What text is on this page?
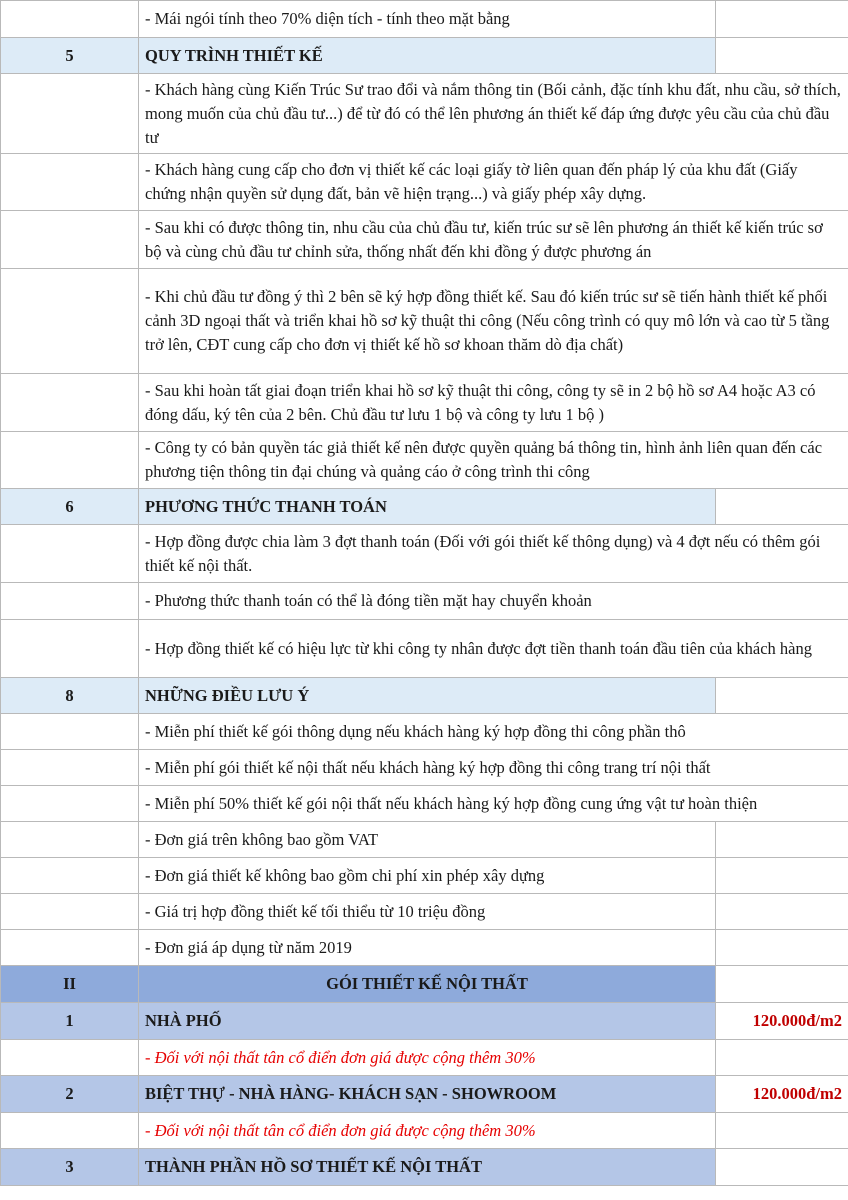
	- Mái ngói tính theo 70% diện tích - tính theo mặt bằng	
5	QUY TRÌNH THIẾT KẾ	
	- Khách hàng cùng Kiến Trúc Sư trao đổi và nắm thông tin (Bối cảnh, đặc tính khu đất, nhu cầu, sở thích, mong muốn của chủ đầu tư...) để từ đó có thể lên phương án thiết kế đáp ứng được yêu cầu của chủ đầu tư	
	- Khách hàng cung cấp cho đơn vị thiết kế các loại giấy tờ liên quan đến pháp lý của khu đất (Giấy chứng nhận quyền sử dụng đất, bản vẽ hiện trạng...) và giấy phép xây dựng.	
	- Sau khi có được thông tin, nhu cầu của chủ đầu tư, kiến trúc sư sẽ lên phương án thiết kế kiến trúc sơ bộ và cùng chủ đầu tư chỉnh sửa, thống nhất đến khi đồng ý được phương án	
	- Khi chủ đầu tư đồng ý thì 2 bên sẽ ký hợp đồng thiết kế. Sau đó kiến trúc sư sẽ tiến hành thiết kế phối cảnh 3D ngoại thất và triển khai hồ sơ kỹ thuật thi công (Nếu công trình có quy mô lớn và cao từ 5 tầng trở lên, CĐT cung cấp cho đơn vị thiết kế hồ sơ khoan thăm dò địa chất)	
	- Sau khi hoàn tất giai đoạn triển khai hồ sơ kỹ thuật thi công, công ty sẽ in 2 bộ hồ sơ A4 hoặc A3 có đóng dấu, ký tên của 2 bên. Chủ đầu tư lưu 1 bộ và công ty lưu 1 bộ )	
	- Công ty có bản quyền tác giả thiết kế nên được quyền quảng bá thông tin, hình ảnh liên quan đến các phương tiện thông tin đại chúng và quảng cáo ở công trình thi công	
6	PHƯƠNG THỨC THANH TOÁN	
	- Hợp đồng được chia làm 3 đợt thanh toán (Đối với gói thiết kế thông dụng) và 4 đợt nếu có thêm gói thiết kế nội thất.	
	- Phương thức thanh toán có thể là đóng tiền mặt hay chuyển khoản	
	- Hợp đồng thiết kế có hiệu lực từ khi công ty nhân được đợt tiền thanh toán đầu tiên của khách hàng	
8	NHỮNG ĐIỀU LƯU Ý	
	- Miễn phí thiết kế gói thông dụng nếu khách hàng ký hợp đồng thi công phần thô	
	- Miễn phí gói thiết kế nội thất nếu khách hàng ký hợp đồng thi công trang trí nội thất	
	- Miễn phí 50% thiết kế gói nội thất nếu khách hàng ký hợp đồng cung ứng vật tư hoàn thiện	
	- Đơn giá trên không bao gồm VAT	
	- Đơn giá thiết kế không bao gồm chi phí xin phép xây dựng	
	- Giá trị hợp đồng thiết kế tối thiểu từ 10 triệu đồng	
	- Đơn giá áp dụng từ năm 2019	
II	GÓI THIẾT KẾ NỘI THẤT	
1	NHÀ PHỐ	120.000đ/m2
	- Đối với nội thất tân cổ điển đơn giá được cộng thêm 30%	
2	BIỆT THỰ - NHÀ HÀNG- KHÁCH SẠN - SHOWROOM	120.000đ/m2
	- Đối với nội thất tân cổ điển đơn giá được cộng thêm 30%	
3	THÀNH PHẦN HỒ SƠ THIẾT KẾ NỘI THẤT	
